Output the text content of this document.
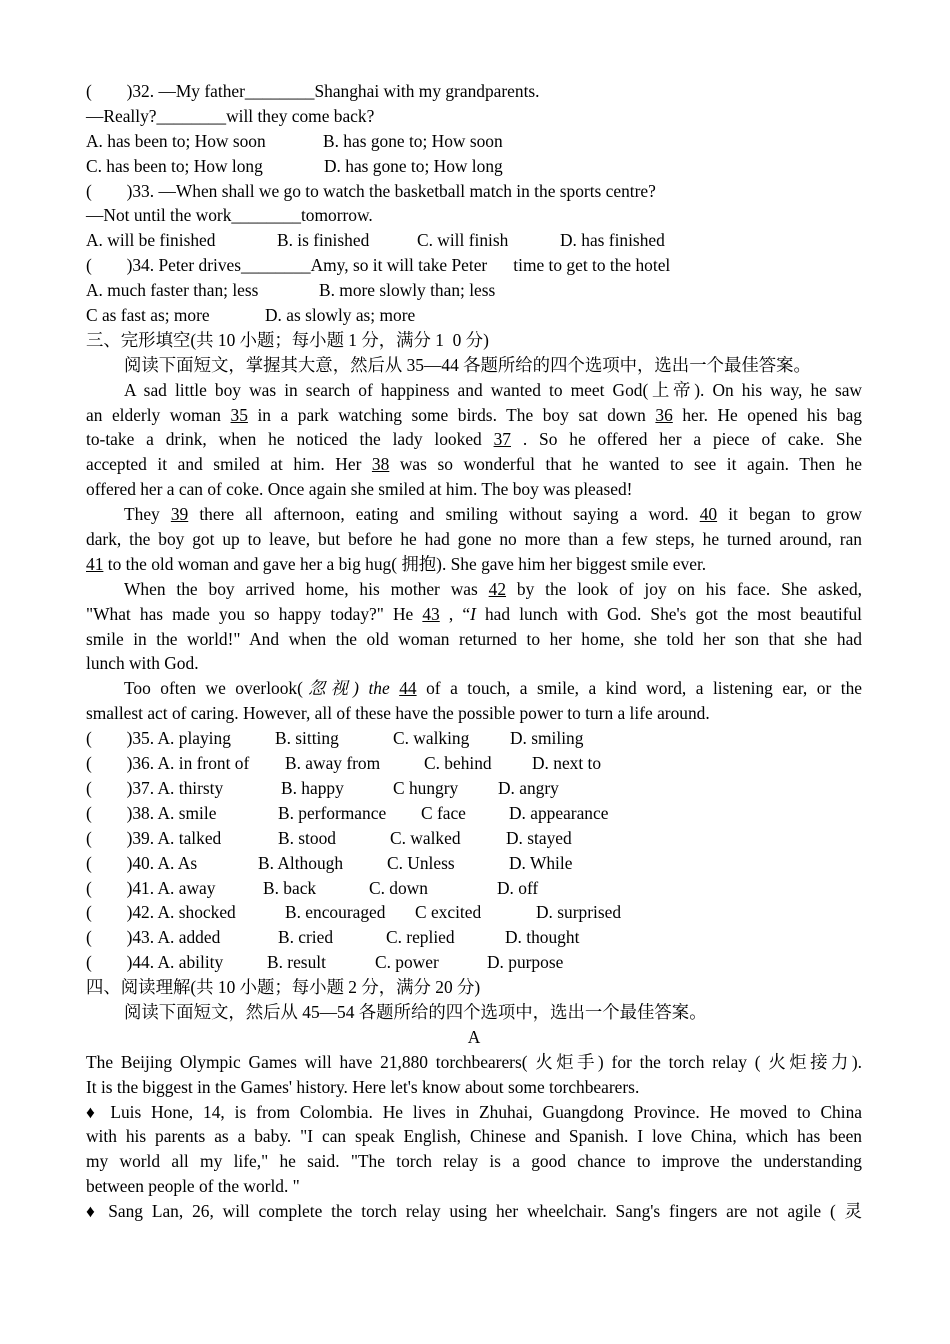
(        )32. —My father________Shanghai with my grandparents.
—Really?________will they come back?

A. has been to; How soon

	B. has gone to; How soon

C. has been to; How long

	D. has gone to; How long

(        )33. —When shall we go to watch the basketball match in the sports centre?
—Not until the work________tomorrow.

A. will be finished

	B. is finished

	C. will finish

	D. has finished

(        )34. Peter drives________Amy, so it will take Peter      time to get to the hotel

A. much faster than; less

	B. more slowly than; less

C as fast as; more

	D. as slowly as; more

三、完形填空(共 10 小题；每小题 1 分，满分 1  0 分)
阅读下面短文，掌握其大意，然后从 35—44 各题所给的四个选项中，选出一个最佳答案。
A sad little boy was in search of happiness and wanted to meet God(上帝). On his way, he saw
an elderly woman 35 in a park watching some birds. The boy sat down 36 her. He opened his bag
to-take a drink, when he noticed the lady looked 37 . So he offered her a piece of cake. She
accepted it and smiled at him. Her 38 was so wonderful that he wanted to see it again. Then he
offered her a can of coke. Once again she smiled at him. The boy was pleased!
They 39 there all afternoon, eating and smiling without saying a word. 40 it began to grow
dark, the boy got up to leave, but before he had gone no more than a few steps, he turned around, ran
41 to the old woman and gave her a big hug( 拥抱). She gave him her biggest smile ever.
When the boy arrived home, his mother was 42 by the look of joy on his face. She asked,
"What has made you so happy today?" He 43 , “I had lunch with God. She's got the most beautiful
smile in the world!" And when the old woman returned to her home, she told her son that she had
lunch with God.
Too often we overlook(忽视) the 44 of a touch, a smile, a kind word, a listening ear, or the
smallest act of caring. However, all of these have the possible power to turn a life around.
(        )35. A. playing	B. sitting	C. walking D. smiling
(        )36. A. in front of B. away from	C. behind D. next to
(        )37. A. thirsty	B. happy	C hungry D. angry
(        )38. A. smile	B. performance C face D. appearance
(        )39. A. talked	B. stood	C. walked	D. stayed
(        )40. A. As	B. Although	C. Unless	D. While
(        )41. A. away	B. back	C. down	D. off
(        )42. A. shocked	B. encouraged C excited	D. surprised
(        )43. A. added	B. cried	C. replied	D. thought
(        )44. A. ability	B. result	C. power	D. purpose
四、阅读理解(共 10 小题；每小题 2 分，满分 20 分)
阅读下面短文，然后从 45—54 各题所给的四个选项中，选出一个最佳答案。
A
The Beijing Olympic Games will have 21,880 torchbearers( 火炬手) for the torch relay ( 火炬接力).
It is the biggest in the Games' history. Here let's know about some torchbearers.
♦ Luis Hone, 14, is from Colombia. He lives in Zhuhai, Guangdong Province. He moved to China
with his parents as a baby. "I can speak English, Chinese and Spanish. I love China, which has been
my world all my life," he said. "The torch relay is a good chance to improve the understanding
between people of the world. "
♦ Sang Lan, 26, will complete the torch relay using her wheelchair. Sang's fingers are not agile ( 灵
